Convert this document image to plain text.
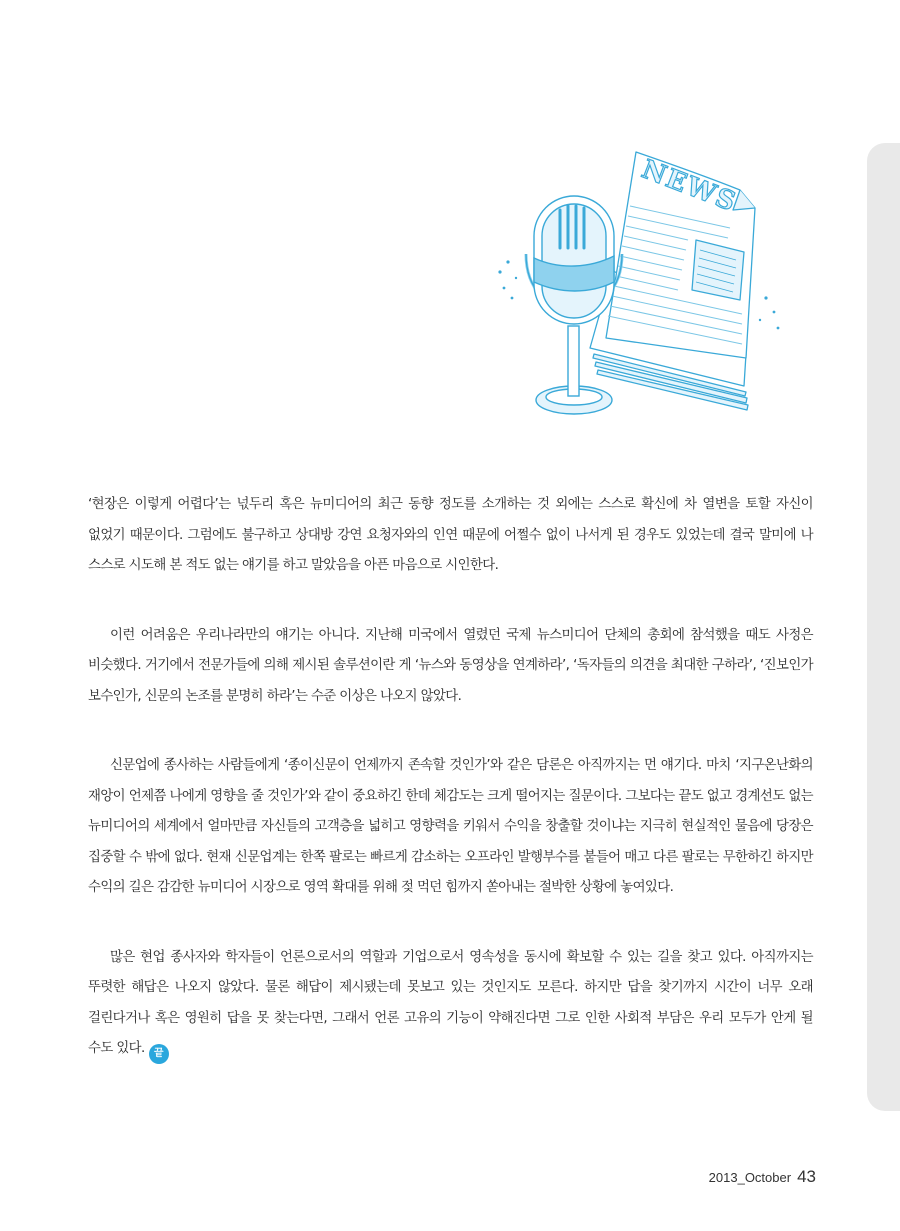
NEWS

‘현장은 이렇게 어렵다’는 넋두리 혹은 뉴미디어의 최근 동향 정도를 소개하는 것 외에는 스스로 확신에 차 열변을 토할 자신이 없었기 때문이다. 그럼에도 불구하고 상대방 강연 요청자와의 인연 때문에 어쩔수 없이 나서게 된 경우도 있었는데 결국 말미에 나 스스로 시도해 본 적도 없는 얘기를 하고 말았음을 아픈 마음으로 시인한다.

이런 어려움은 우리나라만의 얘기는 아니다. 지난해 미국에서 열렸던 국제 뉴스미디어 단체의 총회에 참석했을 때도 사정은 비슷했다. 거기에서 전문가들에 의해 제시된 솔루션이란 게 ‘뉴스와 동영상을 연계하라’, ‘독자들의 의견을 최대한 구하라’, ‘진보인가 보수인가, 신문의 논조를 분명히 하라’는 수준 이상은 나오지 않았다.

신문업에 종사하는 사람들에게 ‘종이신문이 언제까지 존속할 것인가’와 같은 담론은 아직까지는 먼 얘기다. 마치 ‘지구온난화의 재앙이 언제쯤 나에게 영향을 줄 것인가’와 같이 중요하긴 한데 체감도는 크게 떨어지는 질문이다. 그보다는 끝도 없고 경계선도 없는 뉴미디어의 세계에서 얼마만큼 자신들의 고객층을 넓히고 영향력을 키워서 수익을 창출할 것이냐는 지극히 현실적인 물음에 당장은 집중할 수 밖에 없다. 현재 신문업계는 한쪽 팔로는 빠르게 감소하는 오프라인 발행부수를 붙들어 매고 다른 팔로는 무한하긴 하지만 수익의 길은 감감한 뉴미디어 시장으로 영역 확대를 위해 젖 먹던 힘까지 쏟아내는 절박한 상황에 놓여있다.

많은 현업 종사자와 학자들이 언론으로서의 역할과 기업으로서 영속성을 동시에 확보할 수 있는 길을 찾고 있다. 아직까지는 뚜렷한 해답은 나오지 않았다. 물론 해답이 제시됐는데 못보고 있는 것인지도 모른다. 하지만 답을 찾기까지 시간이 너무 오래 걸린다거나 혹은 영원히 답을 못 찾는다면, 그래서 언론 고유의 기능이 약해진다면 그로 인한 사회적 부담은 우리 모두가 안게 될 수도 있다. 끝

2013_October 43
